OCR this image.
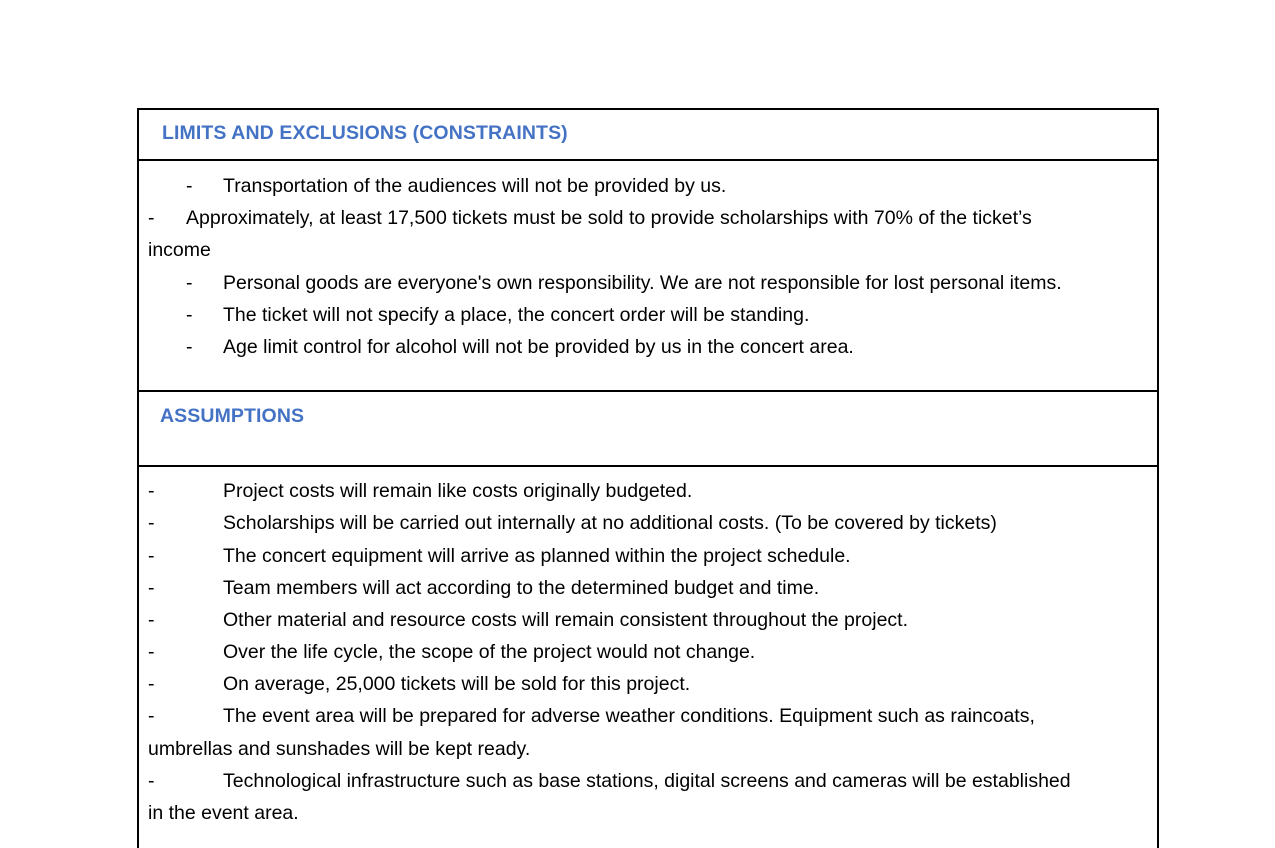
LIMITS AND EXCLUSIONS (CONSTRAINTS)
- Transportation of the audiences will not be provided by us.
- Approximately, at least 17,500 tickets must be sold to provide scholarships with 70% of the ticket’s
income
- Personal goods are everyone's own responsibility. We are not responsible for lost personal items.
- The ticket will not specify a place, the concert order will be standing.
- Age limit control for alcohol will not be provided by us in the concert area.
ASSUMPTIONS
-	Project costs will remain like costs originally budgeted.
-	Scholarships will be carried out internally at no additional costs. (To be covered by tickets)
-	The concert equipment will arrive as planned within the project schedule.
-	Team members will act according to the determined budget and time.
-	Other material and resource costs will remain consistent throughout the project.
-	Over the life cycle, the scope of the project would not change.
-	On average, 25,000 tickets will be sold for this project.
-	The event area will be prepared for adverse weather conditions. Equipment such as raincoats,
umbrellas and sunshades will be kept ready.
-	Technological infrastructure such as base stations, digital screens and cameras will be established
in the event area.
